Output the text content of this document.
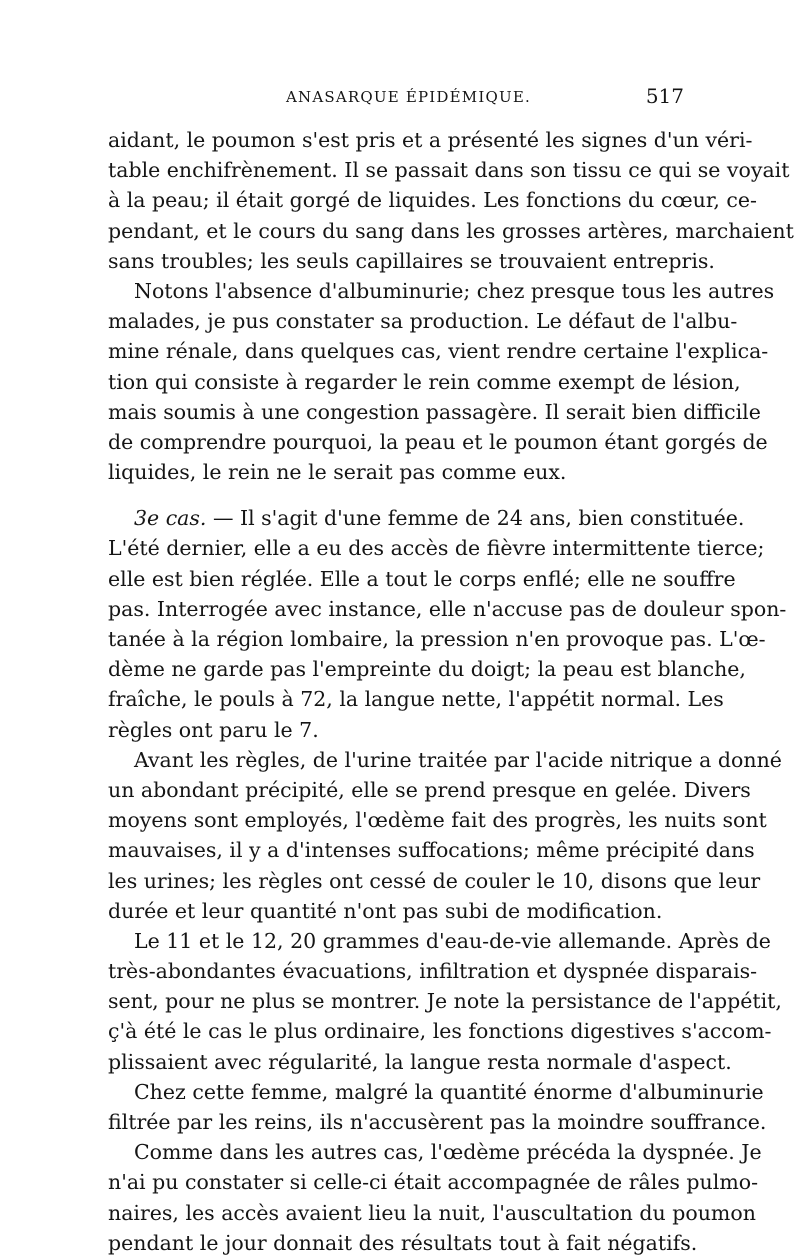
ANASARQUE ÉPIDÉMIQUE.	517
aidant, le poumon s'est pris et a présenté les signes d'un véri-
table enchifrènement. Il se passait dans son tissu ce qui se voyait
à la peau; il était gorgé de liquides. Les fonctions du cœur, ce-
pendant, et le cours du sang dans les grosses artères, marchaient
sans troubles; les seuls capillaires se trouvaient entrepris.
Notons l'absence d'albuminurie; chez presque tous les autres
malades, je pus constater sa production. Le défaut de l'albu-
mine rénale, dans quelques cas, vient rendre certaine l'explica-
tion qui consiste à regarder le rein comme exempt de lésion,
mais soumis à une congestion passagère. Il serait bien difficile
de comprendre pourquoi, la peau et le poumon étant gorgés de
liquides, le rein ne le serait pas comme eux.
3e cas. — Il s'agit d'une femme de 24 ans, bien constituée.
L'été dernier, elle a eu des accès de fièvre intermittente tierce;
elle est bien réglée. Elle a tout le corps enflé; elle ne souffre
pas. Interrogée avec instance, elle n'accuse pas de douleur spon-
tanée à la région lombaire, la pression n'en provoque pas. L'œ-
dème ne garde pas l'empreinte du doigt; la peau est blanche,
fraîche, le pouls à 72, la langue nette, l'appétit normal. Les
règles ont paru le 7.
Avant les règles, de l'urine traitée par l'acide nitrique a donné
un abondant précipité, elle se prend presque en gelée. Divers
moyens sont employés, l'œdème fait des progrès, les nuits sont
mauvaises, il y a d'intenses suffocations; même précipité dans
les urines; les règles ont cessé de couler le 10, disons que leur
durée et leur quantité n'ont pas subi de modification.
Le 11 et le 12, 20 grammes d'eau-de-vie allemande. Après de
très-abondantes évacuations, infiltration et dyspnée disparais-
sent, pour ne plus se montrer. Je note la persistance de l'appétit,
ç'à été le cas le plus ordinaire, les fonctions digestives s'accom-
plissaient avec régularité, la langue resta normale d'aspect.
Chez cette femme, malgré la quantité énorme d'albuminurie
filtrée par les reins, ils n'accusèrent pas la moindre souffrance.
Comme dans les autres cas, l'œdème précéda la dyspnée. Je
n'ai pu constater si celle-ci était accompagnée de râles pulmo-
naires, les accès avaient lieu la nuit, l'auscultation du poumon
pendant le jour donnait des résultats tout à fait négatifs.
